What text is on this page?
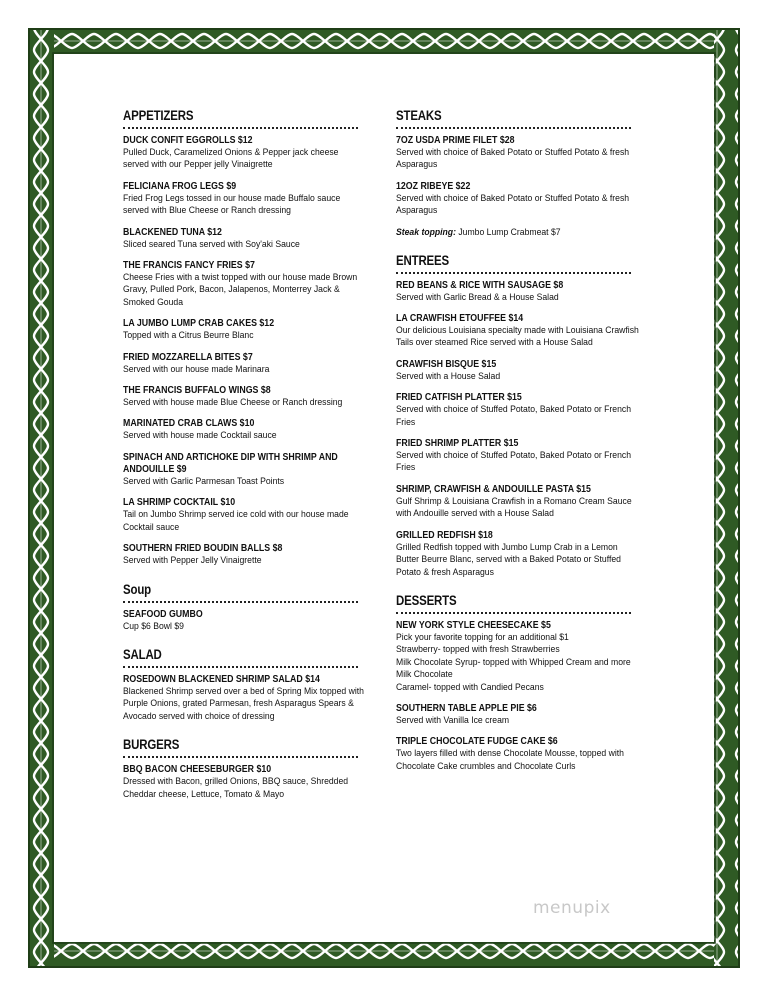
APPETIZERS
DUCK CONFIT EGGROLLS $12
Pulled Duck, Caramelized Onions & Pepper jack cheese served with our Pepper jelly Vinaigrette
FELICIANA FROG LEGS $9
Fried Frog Legs tossed in our house made Buffalo sauce served with Blue Cheese or Ranch dressing
BLACKENED TUNA $12
Sliced seared Tuna served with Soy'aki Sauce
THE FRANCIS FANCY FRIES $7
Cheese Fries with a twist topped with our house made Brown Gravy, Pulled Pork, Bacon, Jalapenos, Monterrey Jack & Smoked Gouda
LA JUMBO LUMP CRAB CAKES $12
Topped with a Citrus Beurre Blanc
FRIED MOZZARELLA BITES $7
Served with our house made Marinara
THE FRANCIS BUFFALO WINGS $8
Served with house made Blue Cheese or Ranch dressing
MARINATED CRAB CLAWS $10
Served with house made Cocktail sauce
SPINACH AND ARTICHOKE DIP WITH SHRIMP AND ANDOUILLE $9
Served with Garlic Parmesan Toast Points
LA SHRIMP COCKTAIL $10
Tail on Jumbo Shrimp served ice cold with our house made Cocktail sauce
SOUTHERN FRIED BOUDIN BALLS $8
Served with Pepper Jelly Vinaigrette
Soup
SEAFOOD GUMBO
Cup $6 Bowl $9
SALAD
ROSEDOWN BLACKENED SHRIMP SALAD $14
Blackened Shrimp served over a bed of Spring Mix topped with Purple Onions, grated Parmesan, fresh Asparagus Spears & Avocado served with choice of dressing
BURGERS
BBQ BACON CHEESEBURGER $10
Dressed with Bacon, grilled Onions, BBQ sauce, Shredded Cheddar cheese, Lettuce, Tomato & Mayo
STEAKS
7OZ USDA PRIME FILET $28
Served with choice of Baked Potato or Stuffed Potato & fresh Asparagus
12OZ RIBEYE $22
Served with choice of Baked Potato or Stuffed Potato & fresh Asparagus
Steak topping: Jumbo Lump Crabmeat $7
ENTREES
RED BEANS & RICE WITH SAUSAGE $8
Served with Garlic Bread & a House Salad
LA CRAWFISH ETOUFFEE $14
Our delicious Louisiana specialty made with Louisiana Crawfish Tails over steamed Rice served with a House Salad
CRAWFISH BISQUE $15
Served with a House Salad
FRIED CATFISH PLATTER $15
Served with choice of Stuffed Potato, Baked Potato or French Fries
FRIED SHRIMP PLATTER $15
Served with choice of Stuffed Potato, Baked Potato or French Fries
SHRIMP, CRAWFISH & ANDOUILLE PASTA $15
Gulf Shrimp & Louisiana Crawfish in a Romano Cream Sauce with Andouille served with a House Salad
GRILLED REDFISH $18
Grilled Redfish topped with Jumbo Lump Crab in a Lemon Butter Beurre Blanc, served with a Baked Potato or Stuffed Potato & fresh Asparagus
DESSERTS
NEW YORK STYLE CHEESECAKE $5
Pick your favorite topping for an additional $1
Strawberry- topped with fresh Strawberries
Milk Chocolate Syrup- topped with Whipped Cream and more Milk Chocolate
Caramel- topped with Candied Pecans
SOUTHERN TABLE APPLE PIE $6
Served with Vanilla Ice cream
TRIPLE CHOCOLATE FUDGE CAKE $6
Two layers filled with dense Chocolate Mousse, topped with Chocolate Cake crumbles and Chocolate Curls
menupix
